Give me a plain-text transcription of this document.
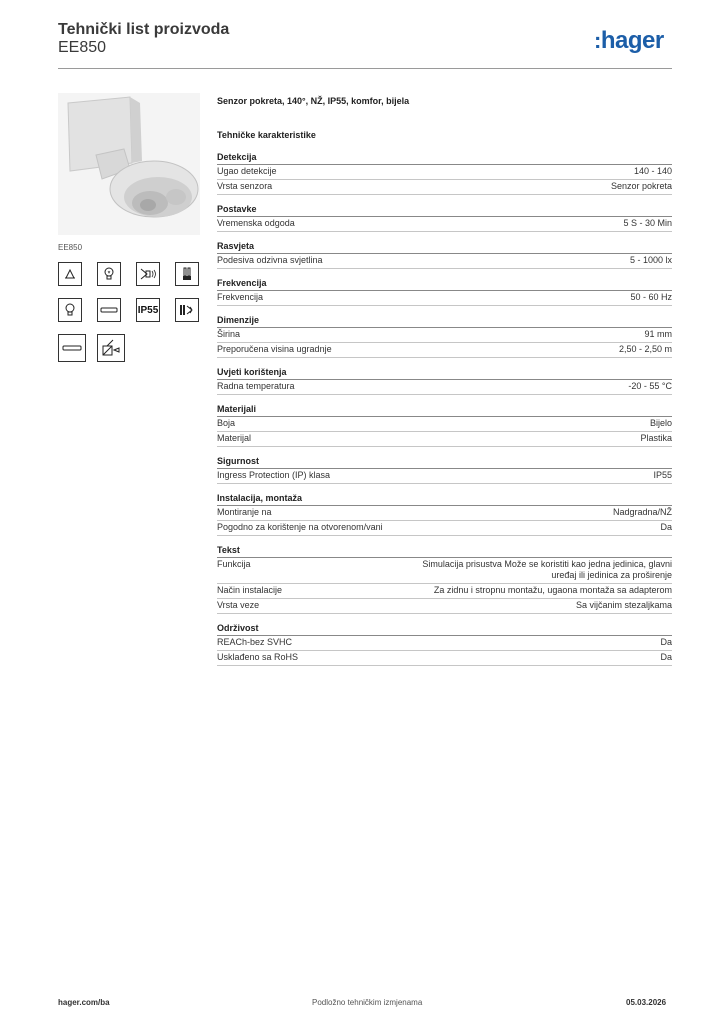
Tehnički list proizvoda
EE850	:hager
EE850
IP55
Senzor pokreta, 140°, NŽ, IP55, komfor, bijela
Tehničke karakteristike
Detekcija
Ugao detekcije	140 - 140
Vrsta senzora	Senzor pokreta
Postavke
Vremenska odgoda	5 S - 30 Min
Rasvjeta
Podesiva odzivna svjetlina	5 - 1000 lx
Frekvencija
Frekvencija	50 - 60 Hz
Dimenzije
Širina	91 mm
Preporučena visina ugradnje	2,50 - 2,50 m
Uvjeti korištenja
Radna temperatura	-20 - 55 °C
Materijali
Boja	Bijelo
Materijal	Plastika
Sigurnost
Ingress Protection (IP) klasa	IP55
Instalacija, montaža
Montiranje na	Nadgradna/NŽ
Pogodno za korištenje na otvorenom/vani	Da
Tekst
Funkcija	Simulacija prisustva Može se koristiti kao jedna jedinica, glavni uređaj ili jedinica za proširenje
Način instalacije	Za zidnu i stropnu montažu, ugaona montaža sa adapterom
Vrsta veze	Sa vijčanim stezaljkama
Održivost
REACh-bez SVHC	Da
Usklađeno sa RoHS	Da
hager.com/ba	Podložno tehničkim izmjenama	05.03.2026
